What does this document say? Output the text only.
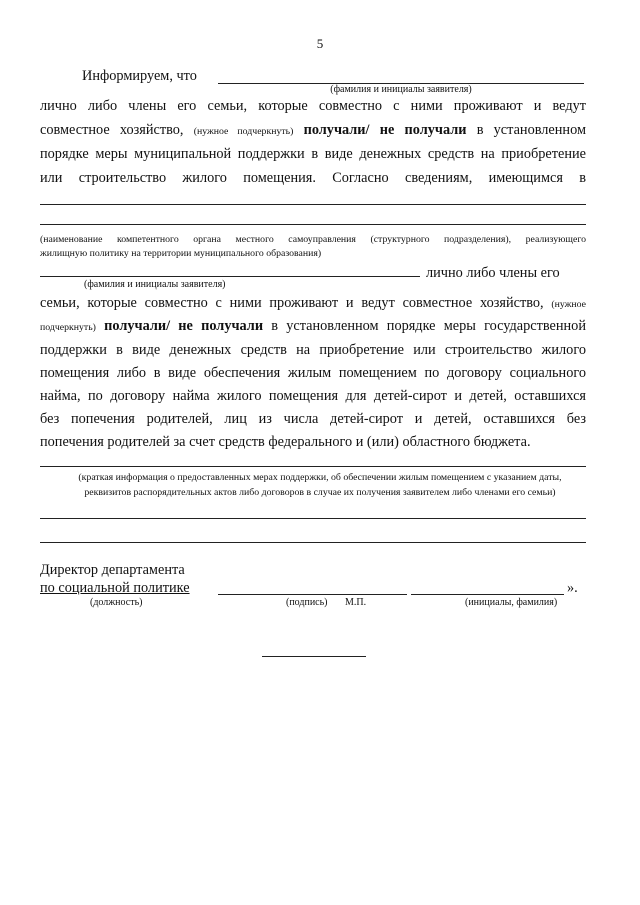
5
Информируем, что
(фамилия и инициалы заявителя)
лично либо члены его семьи, которые совместно с ними проживают и ведут
совместное хозяйство, (нужное подчеркнуть) получали/ не получали в установленном
порядке меры муниципальной поддержки в виде денежных средств на приобретение
или строительство жилого помещения. Согласно сведениям, имеющимся в
(наименование компетентного органа местного самоуправления (структурного подразделения), реализующего
жилищную политику на территории муниципального образования)
лично либо члены его
(фамилия и инициалы заявителя)
семьи, которые совместно с ними проживают и ведут совместное хозяйство, (нужное
подчеркнуть) получали/ не получали в установленном порядке меры государственной
поддержки в виде денежных средств на приобретение или строительство жилого
помещения либо в виде обеспечения жилым помещением по договору социального
найма, по договору найма жилого помещения для детей-сирот и детей, оставшихся
без попечения родителей, лиц из числа детей-сирот и детей, оставшихся без
попечения родителей за счет средств федерального и (или) областного бюджета.
(краткая информация о предоставленных мерах поддержки, об обеспечении жилым помещением с указанием даты,
реквизитов распорядительных актов либо договоров в случае их получения заявителем либо членами его семьи)
Директор департамента
по социальной политике	».
(должность)	(подпись) М.П.	(инициалы, фамилия)
